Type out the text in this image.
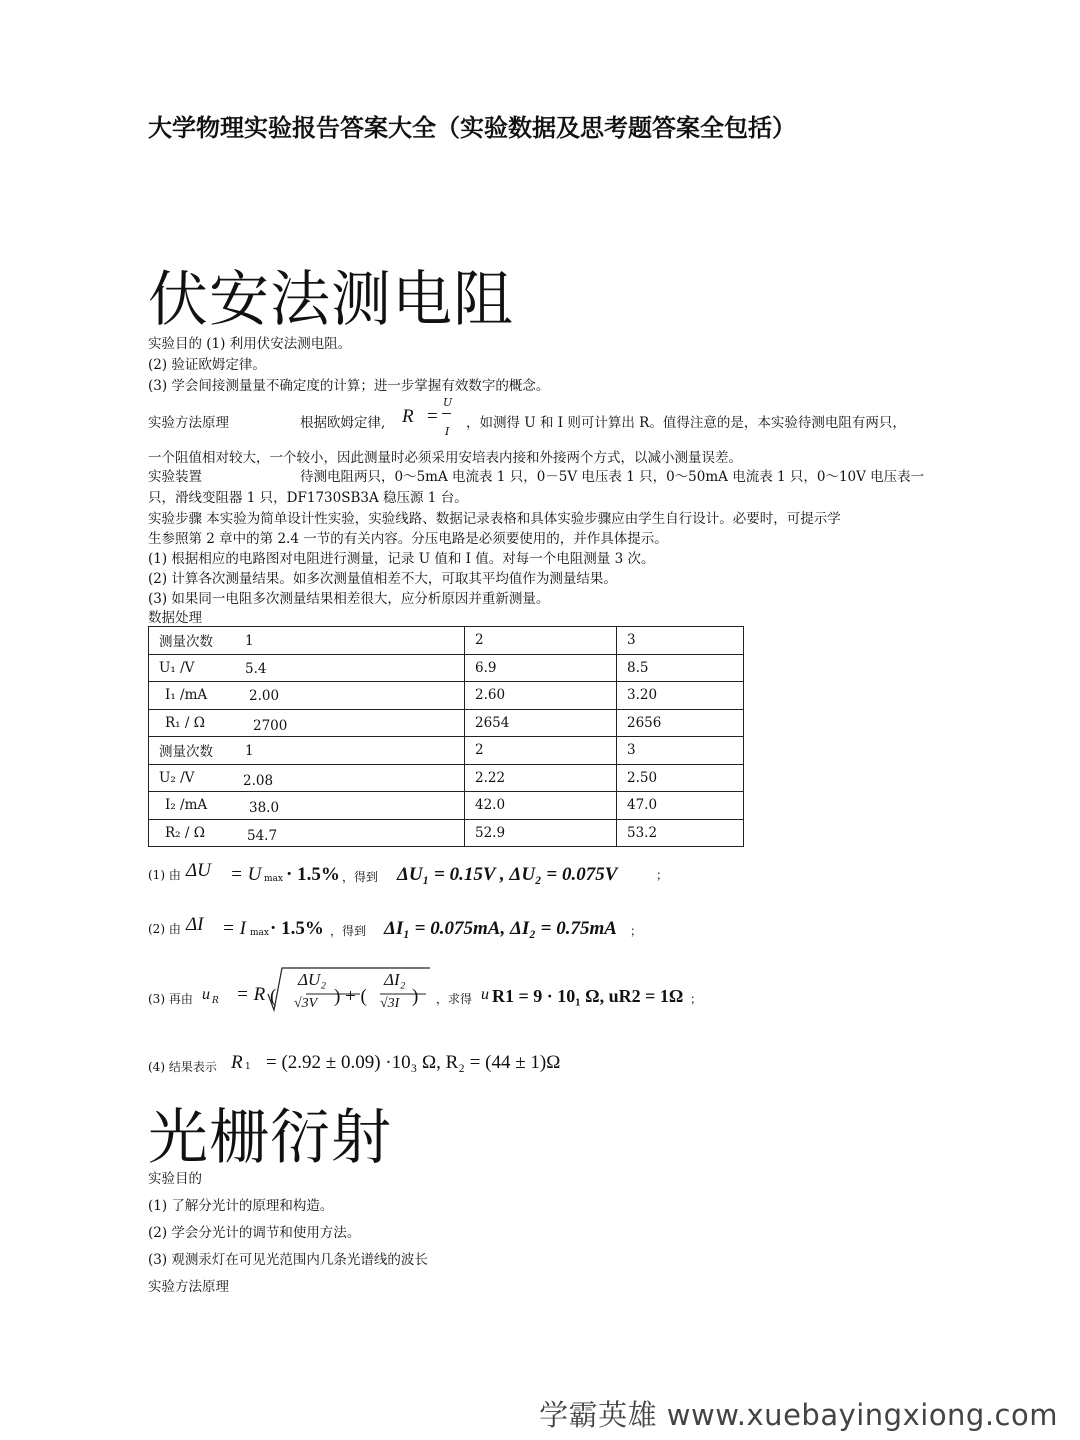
大学物理实验报告答案大全（实验数据及思考题答案全包括）
伏安法测电阻
实验目的 (1) 利用伏安法测电阻。
(2) 验证欧姆定律。
(3) 学会间接测量量不确定度的计算；进一步掌握有效数字的概念。
实验方法原理	根据欧姆定律, R =
U
I
，如测得 U 和 I 则可计算出 R。值得注意的是，本实验待测电阻有两只，
一个阻值相对较大，一个较小，因此测量时必须采用安培表内接和外接两个方式，以减小测量误差。
实验装置	待测电阻两只，0～5mA 电流表 1 只，0－5V 电压表 1 只，0～50mA 电流表 1 只，0～10V 电压表一
只，滑线变阻器 1 只，DF1730SB3A 稳压源 1 台。
实验步骤 本实验为简单设计性实验，实验线路、数据记录表格和具体实验步骤应由学生自行设计。必要时，可提示学
生参照第 2 章中的第 2.4 一节的有关内容。分压电路是必须要使用的，并作具体提示。
(1) 根据相应的电路图对电阻进行测量，记录 U 值和 I 值。对每一个电阻测量 3 次。
(2) 计算各次测量结果。如多次测量值相差不大，可取其平均值作为测量结果。
(3) 如果同一电阻多次测量结果相差很大，应分析原因并重新测量。
数据处理
测量次数 1	2	3
U₁ /V 5.4	6.9	8.5
I₁ /mA 2.00	2.60	3.20
R₁ / Ω 2700	2654	2656
测量次数 1	2	3
U₂ /V 2.08	2.22	2.50
I₂ /mA 38.0	42.0	47.0
R₂ / Ω 54.7	52.9	53.2
(1) 由 ΔU = U max · 1.5% ，得到 ΔU₁ = 0.15V , ΔU₂ = 0.075V	；
(2) 由 ΔI = I max · 1.5% ，得到 ΔI₁ = 0.075mA, ΔI₂ = 0.75mA ；
(3) 再由 u R = R (
ΔU₂
√3V ) + (
ΔI₂
√3I ) ，求得 u R1 = 9 · 10₁ Ω, uR2 = 1Ω ；
(4) 结果表示 R 1 = (2.92 ± 0.09) ·10₃ Ω, R₂ = (44 ± 1)Ω
光栅衍射
实验目的
(1) 了解分光计的原理和构造。
(2) 学会分光计的调节和使用方法。
(3) 观测汞灯在可见光范围内几条光谱线的波长
实验方法原理
学霸英雄 www.xuebayingxiong.com
